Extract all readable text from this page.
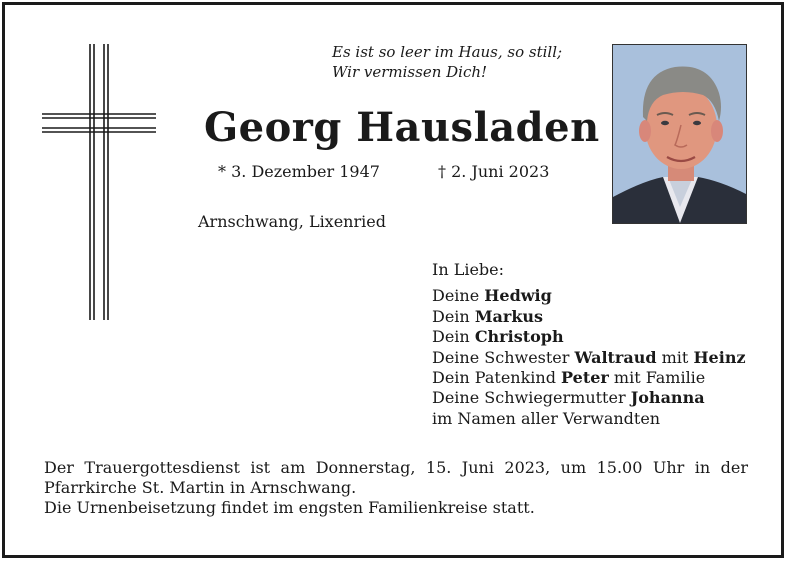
Es ist so leer im Haus, so still;
Wir vermissen Dich!
Georg Hausladen
* 3. Dezember 1947	† 2. Juni 2023
Arnschwang, Lixenried
In Liebe:
Deine Hedwig
Dein Markus
Dein Christoph
Deine Schwester Waltraud mit Heinz
Dein Patenkind Peter mit Familie
Deine Schwiegermutter Johanna
im Namen aller Verwandten

Der Trauergottesdienst ist am Donnerstag, 15. Juni 2023, um 15.00 Uhr in der

Pfarrkirche St. Martin in Arnschwang.

Die Urnenbeisetzung findet im engsten Familienkreise statt.
